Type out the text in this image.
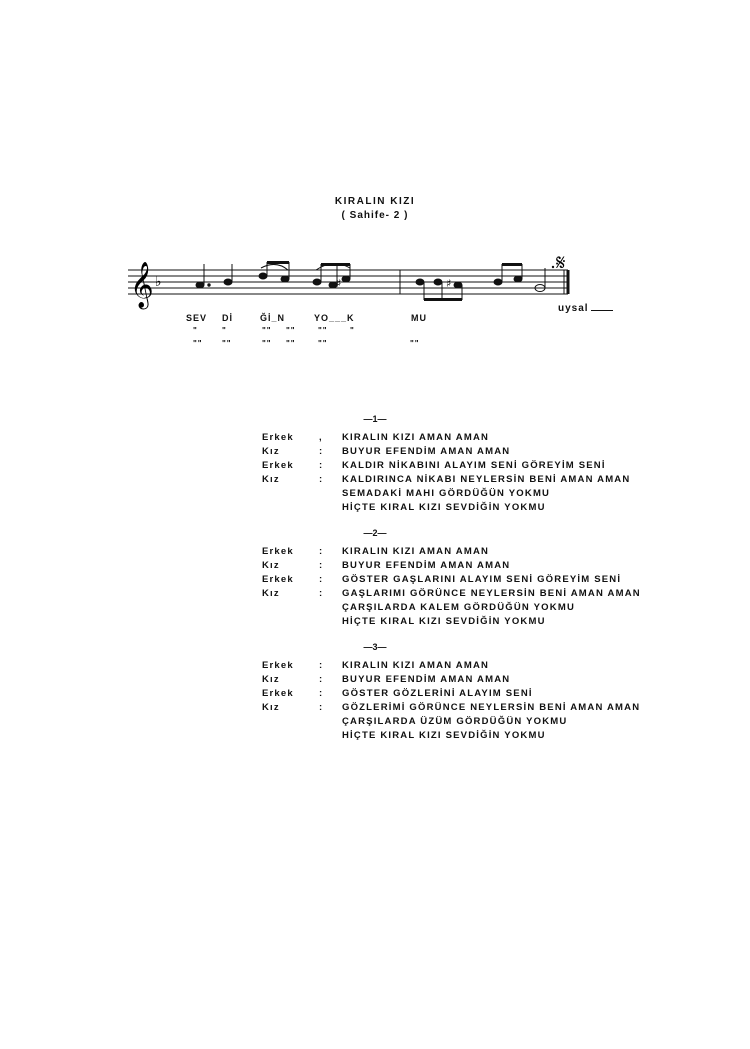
KIRALIN KIZI
( Sahife- 2 )
𝄞 ♭	♯	♯
𝄋
SEV Dİ	Ğİ_N	YO___K	MU
uysal
"	"	"" ""	""	"
"" ""	"" ""	""	""
—1—
Erkek	,	KIRALIN KIZI AMAN AMAN
Kız	:	BUYUR EFENDİM AMAN AMAN
Erkek	:	KALDIR NİKABINI ALAYIM SENİ GÖREYİM SENİ
Kız	:	KALDIRINCA NİKABI NEYLERSİN BENİ AMAN AMAN
SEMADAKİ MAHI GÖRDÜĞÜN YOKMU
HİÇTE KIRAL KIZI SEVDİĞİN YOKMU
—2—
Erkek	:	KIRALIN KIZI AMAN AMAN
Kız	:	BUYUR EFENDİM AMAN AMAN
Erkek	:	GÖSTER GAŞLARINI ALAYIM SENİ GÖREYİM SENİ
Kız	:	GAŞLARIMI GÖRÜNCE NEYLERSİN BENİ AMAN AMAN
ÇARŞILARDA KALEM GÖRDÜĞÜN YOKMU
HİÇTE KIRAL KIZI SEVDİĞİN YOKMU
—3—
Erkek	:	KIRALIN KIZI AMAN AMAN
Kız	:	BUYUR EFENDİM AMAN AMAN
Erkek	:	GÖSTER GÖZLERİNİ ALAYIM SENİ
Kız	:	GÖZLERİMİ GÖRÜNCE NEYLERSİN BENİ AMAN AMAN
ÇARŞILARDA ÜZÜM GÖRDÜĞÜN YOKMU
HİÇTE KIRAL KIZI SEVDİĞİN YOKMU
